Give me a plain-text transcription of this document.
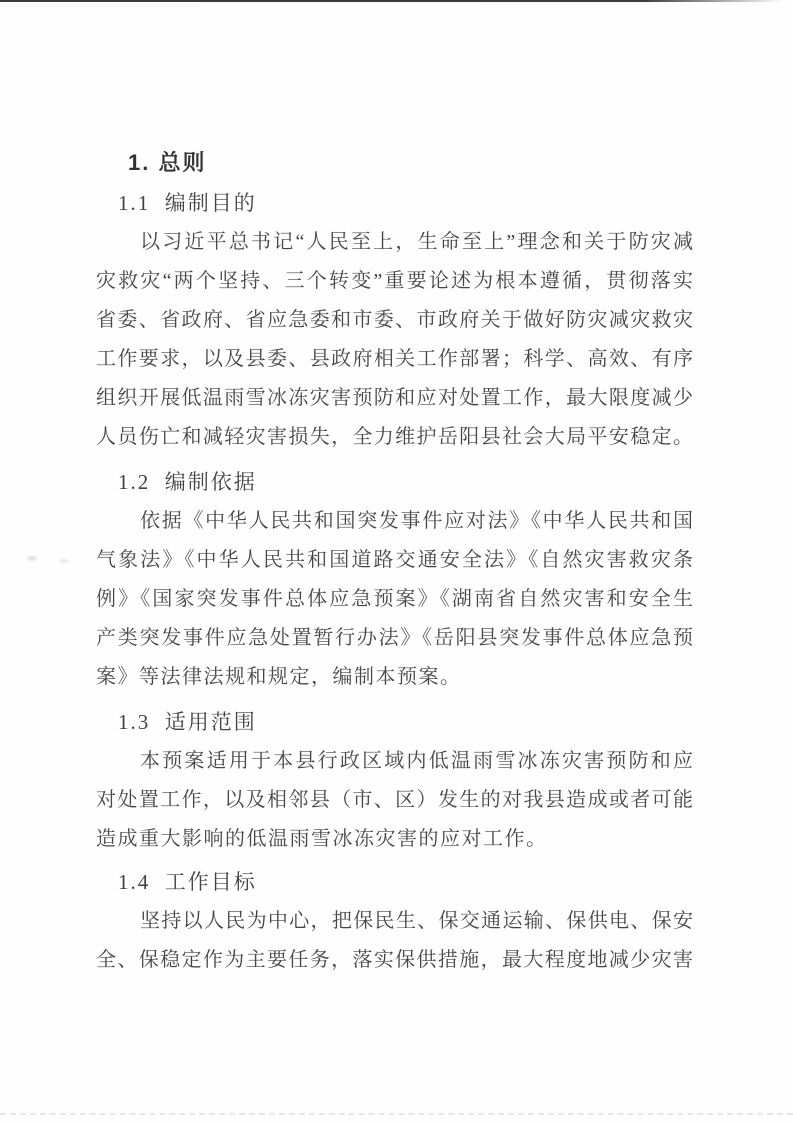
1. 总则
1.1  编制目的
以习近平总书记“人民至上，生命至上”理念和关于防灾减
灾救灾“两个坚持、三个转变”重要论述为根本遵循，贯彻落实
省委、省政府、省应急委和市委、市政府关于做好防灾减灾救灾
工作要求，以及县委、县政府相关工作部署；科学、高效、有序
组织开展低温雨雪冰冻灾害预防和应对处置工作，最大限度减少
人员伤亡和减轻灾害损失，全力维护岳阳县社会大局平安稳定。
1.2  编制依据
依据《中华人民共和国突发事件应对法》《中华人民共和国
气象法》《中华人民共和国道路交通安全法》《自然灾害救灾条
例》《国家突发事件总体应急预案》《湖南省自然灾害和安全生
产类突发事件应急处置暂行办法》《岳阳县突发事件总体应急预
案》等法律法规和规定，编制本预案。
1.3  适用范围
本预案适用于本县行政区域内低温雨雪冰冻灾害预防和应
对处置工作，以及相邻县（市、区）发生的对我县造成或者可能
造成重大影响的低温雨雪冰冻灾害的应对工作。
1.4  工作目标
坚持以人民为中心，把保民生、保交通运输、保供电、保安
全、保稳定作为主要任务，落实保供措施，最大程度地减少灾害
